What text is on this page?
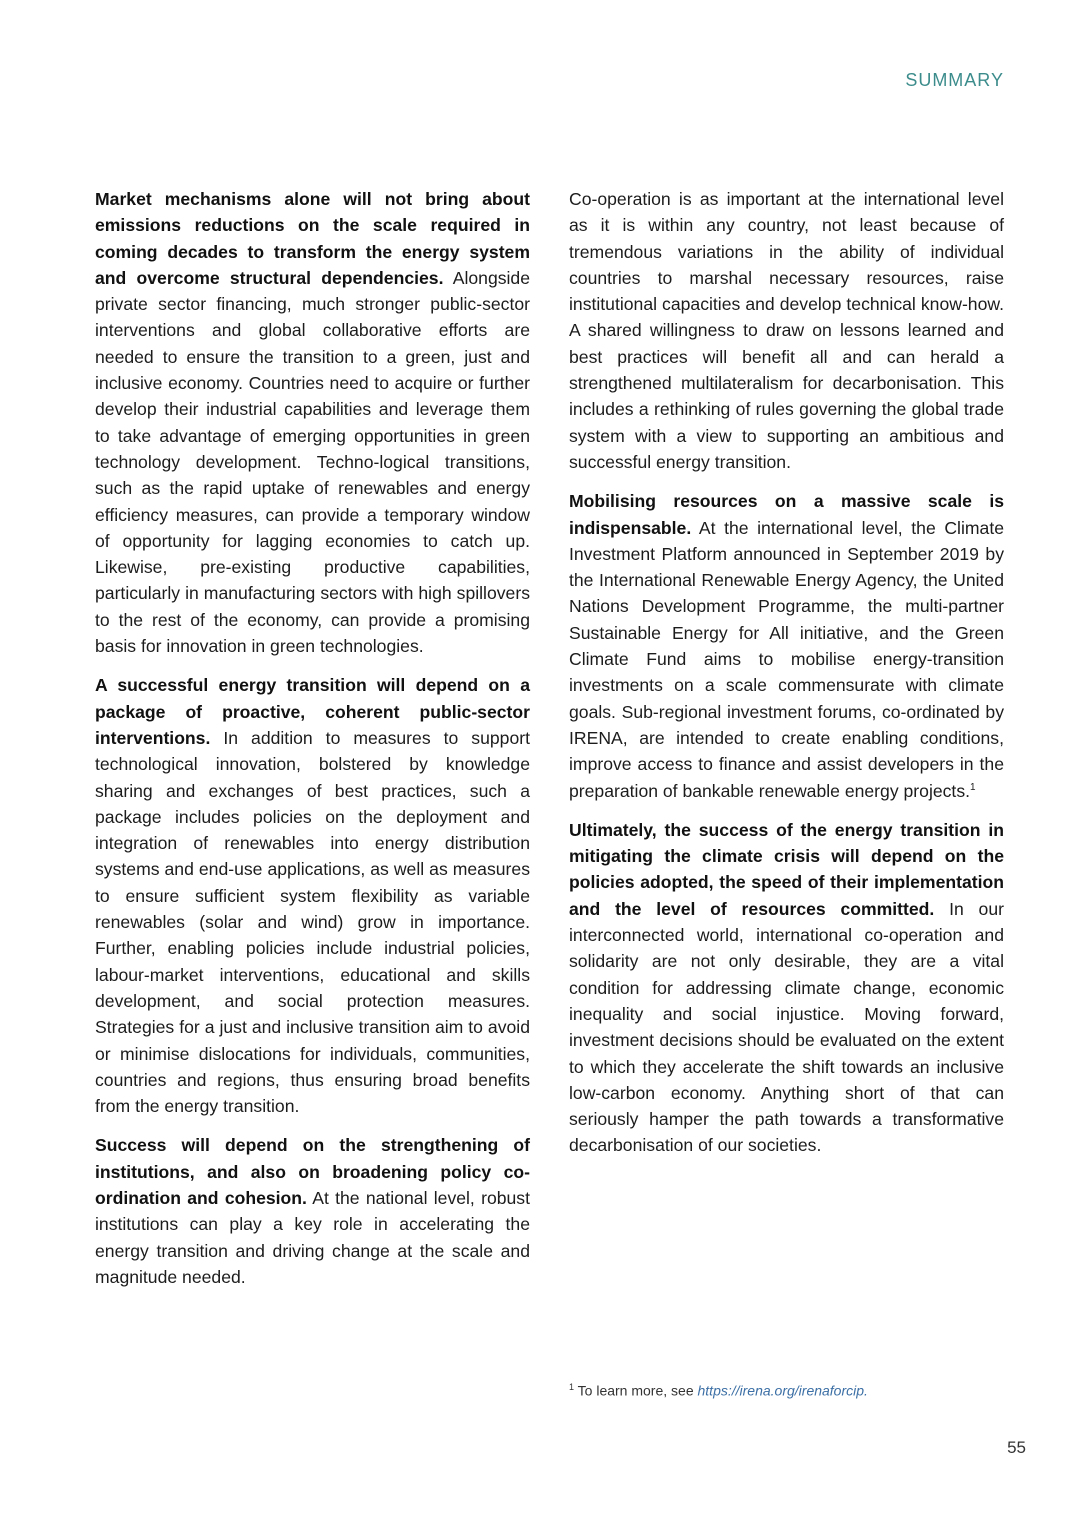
SUMMARY

Market mechanisms alone will not bring about emissions reductions on the scale required in coming decades to transform the energy system and overcome structural dependencies. Alongside private sector financing, much stronger public-sector interventions and global collaborative efforts are needed to ensure the transition to a green, just and inclusive economy. Countries need to acquire or further develop their industrial capabilities and leverage them to take advantage of emerging opportunities in green technology development. Techno-logical transitions, such as the rapid uptake of renewables and energy efficiency measures, can provide a temporary window of opportunity for lagging economies to catch up. Likewise, pre-existing productive capabilities, particularly in manufacturing sectors with high spillovers to the rest of the economy, can provide a promising basis for innovation in green technologies.

A successful energy transition will depend on a package of proactive, coherent public-sector interventions. In addition to measures to support technological innovation, bolstered by knowledge sharing and exchanges of best practices, such a package includes policies on the deployment and integration of renewables into energy distribution systems and end-use applications, as well as measures to ensure sufficient system flexibility as variable renewables (solar and wind) grow in importance. Further, enabling policies include industrial policies, labour-market interventions, educational and skills development, and social protection measures. Strategies for a just and inclusive transition aim to avoid or minimise dislocations for individuals, communities, countries and regions, thus ensuring broad benefits from the energy transition.

Success will depend on the strengthening of institutions, and also on broadening policy co-ordination and cohesion. At the national level, robust institutions can play a key role in accelerating the energy transition and driving change at the scale and magnitude needed.

Co-operation is as important at the international level as it is within any country, not least because of tremendous variations in the ability of individual countries to marshal necessary resources, raise institutional capacities and develop technical know-how. A shared willingness to draw on lessons learned and best practices will benefit all and can herald a strengthened multilateralism for decarbonisation. This includes a rethinking of rules governing the global trade system with a view to supporting an ambitious and successful energy transition.

Mobilising resources on a massive scale is indispensable. At the international level, the Climate Investment Platform announced in September 2019 by the International Renewable Energy Agency, the United Nations Development Programme, the multi-partner Sustainable Energy for All initiative, and the Green Climate Fund aims to mobilise energy-transition investments on a scale commensurate with climate goals. Sub-regional investment forums, co-ordinated by IRENA, are intended to create enabling conditions, improve access to finance and assist developers in the preparation of bankable renewable energy projects.$^1$

Ultimately, the success of the energy transition in mitigating the climate crisis will depend on the policies adopted, the speed of their implementation and the level of resources committed. In our interconnected world, international co-operation and solidarity are not only desirable, they are a vital condition for addressing climate change, economic inequality and social injustice. Moving forward, investment decisions should be evaluated on the extent to which they accelerate the shift towards an inclusive low-carbon economy. Anything short of that can seriously hamper the path towards a transformative decarbonisation of our societies.

$^1$ To learn more, see https://irena.org/irenaforcip.
55
